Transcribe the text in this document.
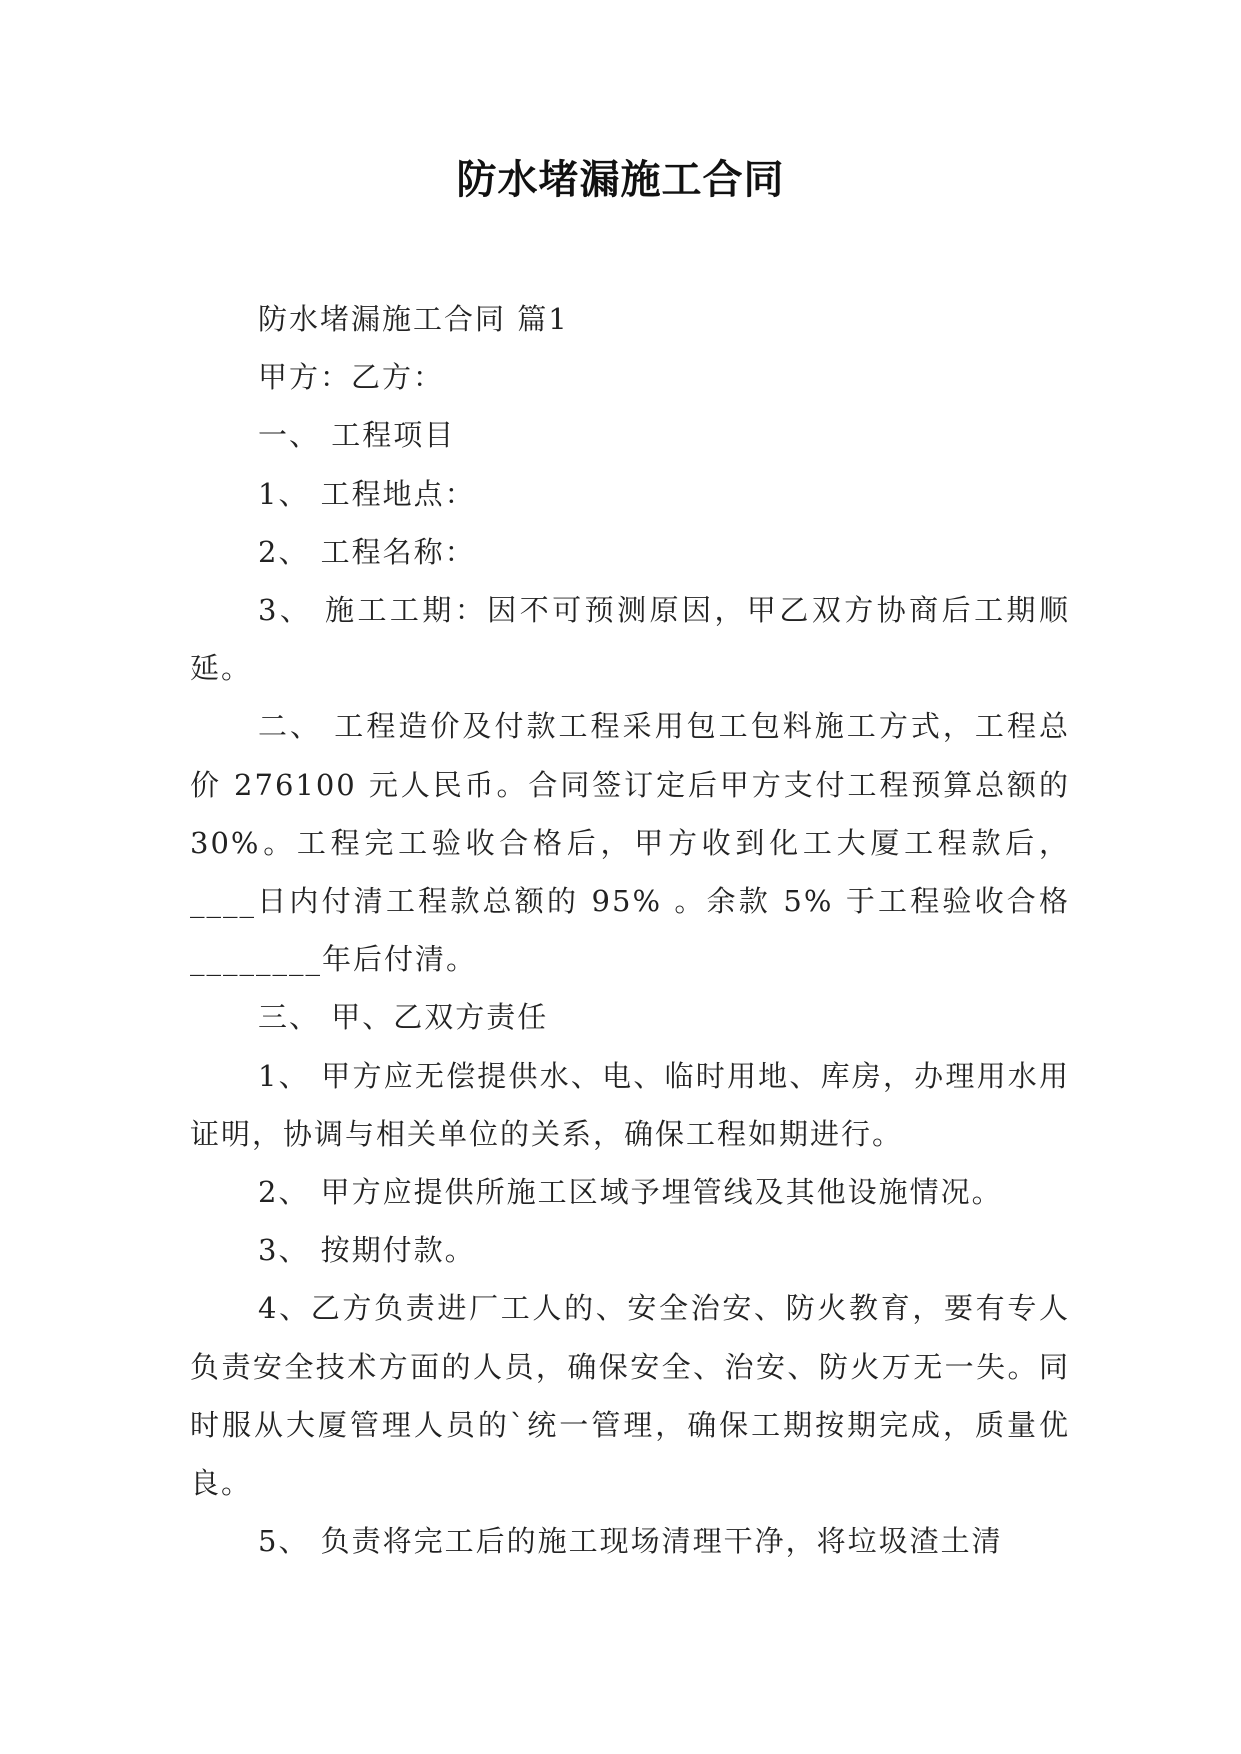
防水堵漏施工合同

防水堵漏施工合同 篇1

甲方：乙方：

一、 工程项目

1、 工程地点：

2、 工程名称：

3、 施工工期：因不可预测原因，甲乙双方协商后工期顺延。

二、 工程造价及付款工程采用包工包料施工方式，工程总价 276100 元人民币。合同签订定后甲方支付工程预算总额的 30%。工程完工验收合格后，甲方收到化工大厦工程款后，____日内付清工程款总额的 95% 。余款 5% 于工程验收合格________年后付清。

三、 甲、乙双方责任

1、 甲方应无偿提供水、电、临时用地、库房，办理用水用证明，协调与相关单位的关系，确保工程如期进行。

2、 甲方应提供所施工区域予埋管线及其他设施情况。

3、 按期付款。

4、乙方负责进厂工人的、安全治安、防火教育，要有专人负责安全技术方面的人员，确保安全、治安、防火万无一失。同时服从大厦管理人员的`统一管理，确保工期按期完成，质量优良。

5、 负责将完工后的施工现场清理干净，将垃圾渣土清
